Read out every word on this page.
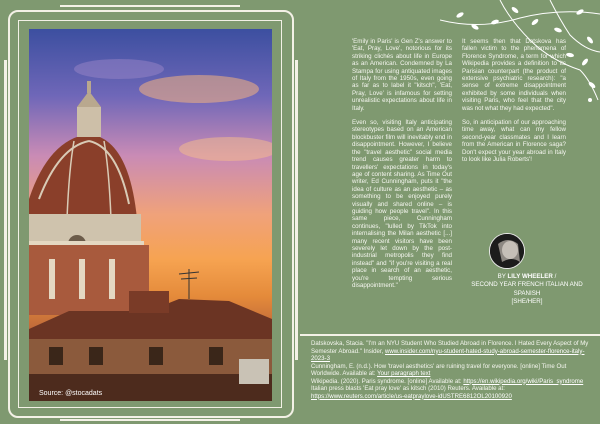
Source: @stocadats

'Emily in Paris' is Gen Z's answer to 'Eat, Pray, Love', notorious for its striking clichés about life in Europe as an American. Condemned by La Stampa for using antiquated images of Italy from the 1950s, even going as far as to label it "kitsch", 'Eat, Pray, Love' is infamous for setting unrealistic expectations about life in Italy.

Even so, visiting Italy anticipating stereotypes based on an American blockbuster film will inevitably end in disappointment. However, I believe the "travel aesthetic" social media trend causes greater harm to travellers' expectations in today's age of content sharing. As Time Out writer, Ed Cunningham, puts it "the idea of culture as an aesthetic – as something to be enjoyed purely visually and shared online – is guiding how people travel". In this same piece, Cunningham continues, "lulled by TikTok into internalising the Milan aesthetic [...] many recent visitors have been severely let down by the post-industrial metropolis they find instead" and "if you're visiting a real place in search of an aesthetic, you're tempting serious disappointment."

It seems then that Datskova has fallen victim to the phenomena of Florence Syndrome, a term for which Wikipedia provides a definition to its Parisian counterpart (the product of extensive psychiatric research): "a sense of extreme disappointment exhibited by some individuals when visiting Paris, who feel that the city was not what they had expected".

So, in anticipation of our approaching time away, what can my fellow second-year classmates and I learn from the American in Florence saga? Don't expect your year abroad in Italy to look like Julia Roberts'!

BY LILY WHEELER /
SECOND YEAR FRENCH ITALIAN AND SPANISH
[SHE/HER]
Datskovska, Stacia. "I'm an NYU Student Who Studied Abroad in Florence. I Hated Every Aspect of My Semester Abroad." Insider, www.insider.com/nyu-student-hated-study-abroad-semester-florence-italy-2023-3
Cunningham, E. (n.d.). How 'travel aesthetics' are ruining travel for everyone. [online] Time Out Worldwide. Available at: Your paragraph text
Wikipedia. (2020). Paris syndrome. [online] Available at: https://en.wikipedia.org/wiki/Paris_syndrome
Italian press blasts 'Eat pray love' as kitsch (2010) Reuters. Available at: https://www.reuters.com/article/us-eatpraylove-idUSTRE6812OL20100920
